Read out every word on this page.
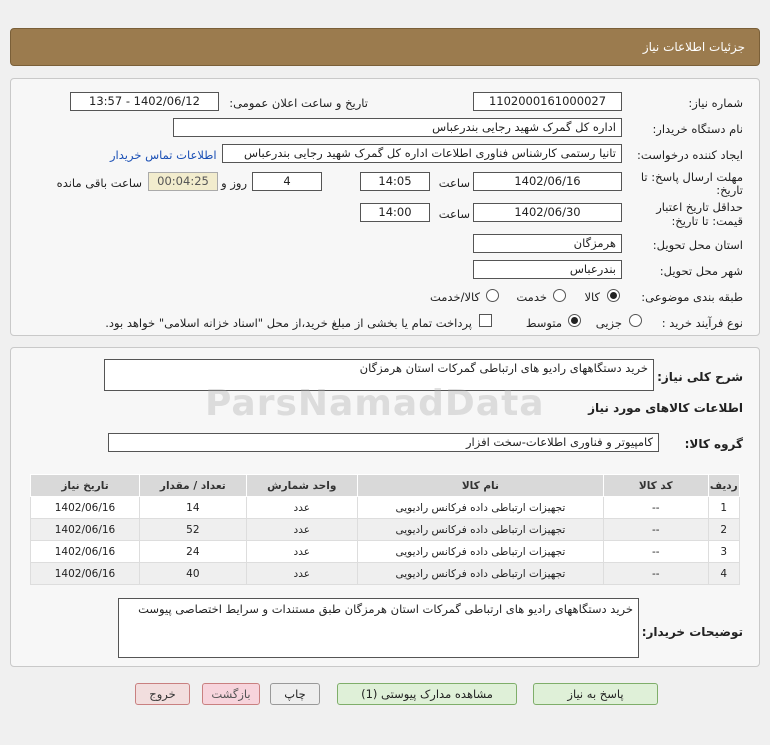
جزئیات اطلاعات نیاز
شماره نیاز:
1102000161000027
تاریخ و ساعت اعلان عمومی:
1402/06/12 - 13:57
نام دستگاه خریدار:
اداره کل گمرک شهید رجایی بندرعباس
ایجاد کننده درخواست:
تانیا رستمی کارشناس فناوری اطلاعات اداره کل گمرک شهید رجایی بندرعباس
اطلاعات تماس خریدار
مهلت ارسال پاسخ: تا
تاریخ:
1402/06/16
ساعت
14:05
4
روز و
00:04:25
ساعت باقی مانده
حداقل تاریخ اعتبار
قیمت: تا تاریخ:
1402/06/30
ساعت
14:00
استان محل تحویل:
هرمزگان
شهر محل تحویل:
بندرعباس
طبقه بندی موضوعی:
کالا
خدمت
کالا/خدمت
نوع فرآیند خرید :
جزیی
متوسط
پرداخت تمام یا بخشی از مبلغ خرید،از محل "اسناد خزانه اسلامی" خواهد بود.
شرح کلی نیاز:
خرید دستگاههای رادیو های ارتباطی گمرکات استان هرمزگان
ParsNamadData	اطلاعات کالاهای مورد نیاز
گروه کالا:
کامپیوتر و فناوری اطلاعات-سخت افزار
ردیف	کد کالا	نام کالا	واحد شمارش	تعداد / مقدار	تاریخ نیاز
1	--	تجهیزات ارتباطی داده فرکانس رادیویی	عدد	14	1402/06/16
2	--	تجهیزات ارتباطی داده فرکانس رادیویی	عدد	52	1402/06/16
3	--	تجهیزات ارتباطی داده فرکانس رادیویی	عدد	24	1402/06/16
4	--	تجهیزات ارتباطی داده فرکانس رادیویی	عدد	40	1402/06/16
توضیحات خریدار:
خرید دستگاههای رادیو های ارتباطی گمرکات استان هرمزگان طبق مستندات و سرایط اختصاصی پیوست
پاسخ به نیاز
مشاهده مدارک پیوستی (1)
چاپ
بازگشت
خروج
